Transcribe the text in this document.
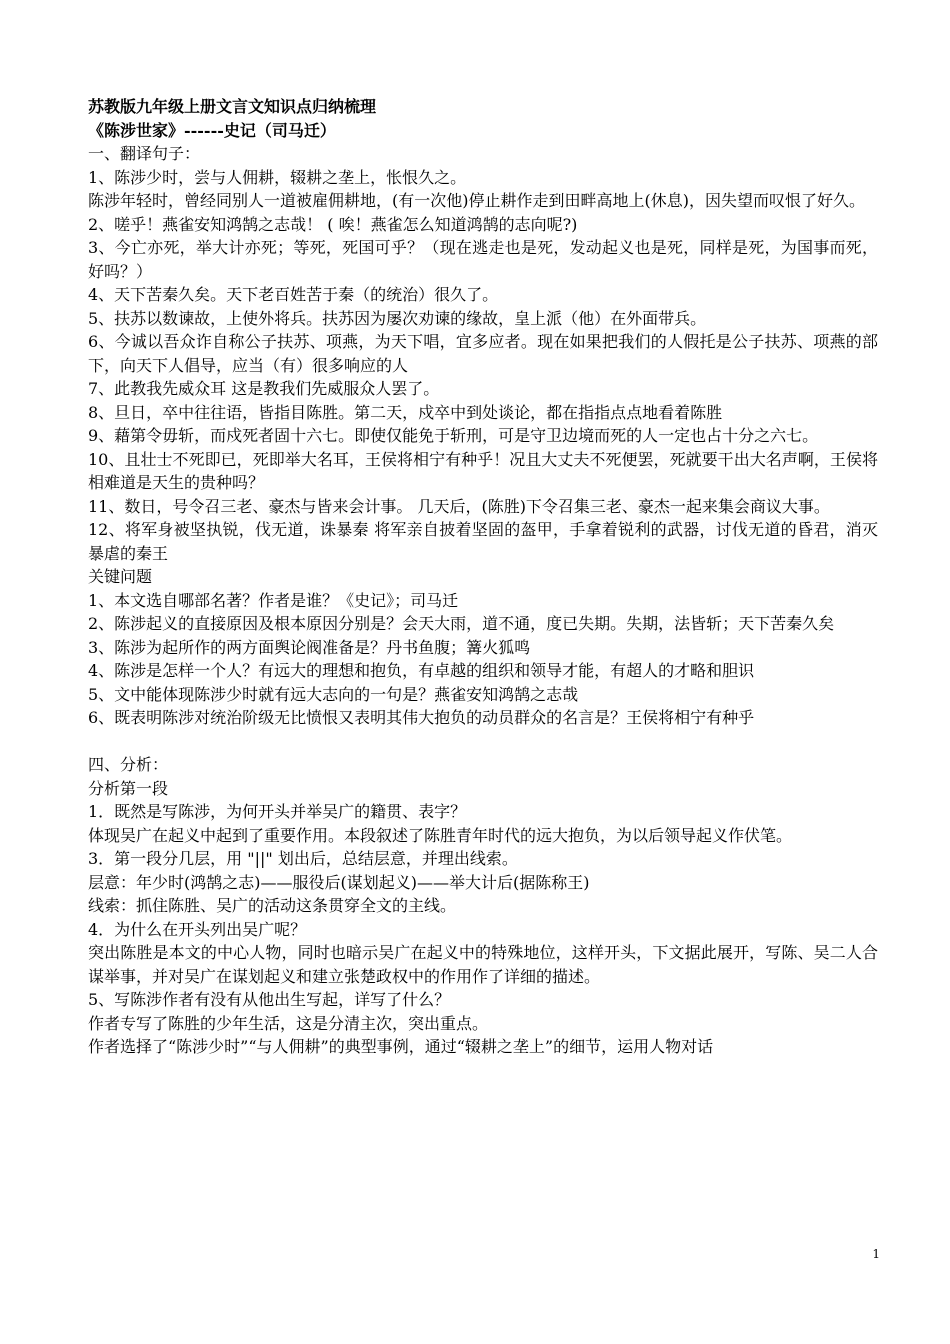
苏教版九年级上册文言文知识点归纳梳理
《陈涉世家》------史记（司马迁）
一、翻译句子：
1、陈涉少时，尝与人佣耕，辍耕之垄上，怅恨久之。
陈涉年轻时，曾经同别人一道被雇佣耕地，(有一次他)停止耕作走到田畔高地上(休息)，因失望而叹恨了好久。
2、嗟乎！燕雀安知鸿鹄之志哉！ ( 唉！燕雀怎么知道鸿鹄的志向呢?)
3、今亡亦死，举大计亦死；等死，死国可乎？（现在逃走也是死，发动起义也是死，同样是死，为国事而死，好吗？）
4、天下苦秦久矣。天下老百姓苦于秦（的统治）很久了。
5、扶苏以数谏故，上使外将兵。扶苏因为屡次劝谏的缘故，皇上派（他）在外面带兵。
6、今诚以吾众诈自称公子扶苏、项燕，为天下唱，宜多应者。现在如果把我们的人假托是公子扶苏、项燕的部下，向天下人倡导，应当（有）很多响应的人
7、此教我先威众耳 这是教我们先威服众人罢了。
8、旦日，卒中往往语，皆指目陈胜。第二天，戍卒中到处谈论，都在指指点点地看着陈胜
9、藉第令毋斩，而戍死者固十六七。即使仅能免于斩刑，可是守卫边境而死的人一定也占十分之六七。
10、且壮士不死即已，死即举大名耳，王侯将相宁有种乎！况且大丈夫不死便罢，死就要干出大名声啊，王侯将相难道是天生的贵种吗？
11、数日，号令召三老、豪杰与皆来会计事。 几天后，(陈胜)下令召集三老、豪杰一起来集会商议大事。
12、将军身被坚执锐，伐无道，诛暴秦 将军亲自披着坚固的盔甲，手拿着锐利的武器，讨伐无道的昏君，消灭暴虐的秦王
关键问题
1、本文选自哪部名著？作者是谁？《史记》；司马迁
2、陈涉起义的直接原因及根本原因分别是？会天大雨，道不通，度已失期。失期，法皆斩；天下苦秦久矣
3、陈涉为起所作的两方面舆论阀准备是？丹书鱼腹；篝火狐鸣
4、陈涉是怎样一个人？有远大的理想和抱负，有卓越的组织和领导才能，有超人的才略和胆识
5、文中能体现陈涉少时就有远大志向的一句是？燕雀安知鸿鹄之志哉
6、既表明陈涉对统治阶级无比愤恨又表明其伟大抱负的动员群众的名言是？王侯将相宁有种乎
四、分析：
分析第一段
1．既然是写陈涉，为何开头并举吴广的籍贯、表字？
体现吴广在起义中起到了重要作用。本段叙述了陈胜青年时代的远大抱负，为以后领导起义作伏笔。
3．第一段分几层，用 "||" 划出后，总结层意，并理出线索。
层意：年少时(鸿鹄之志)——服役后(谋划起义)——举大计后(据陈称王)
线索：抓住陈胜、吴广的活动这条贯穿全文的主线。
4．为什么在开头列出吴广呢？
突出陈胜是本文的中心人物，同时也暗示吴广在起义中的特殊地位，这样开头，下文据此展开，写陈、吴二人合谋举事，并对吴广在谋划起义和建立张楚政权中的作用作了详细的描述。
5、写陈涉作者有没有从他出生写起，详写了什么？
作者专写了陈胜的少年生活，这是分清主次，突出重点。
作者选择了“陈涉少时”“与人佣耕”的典型事例，通过“辍耕之垄上”的细节，运用人物对话
1
